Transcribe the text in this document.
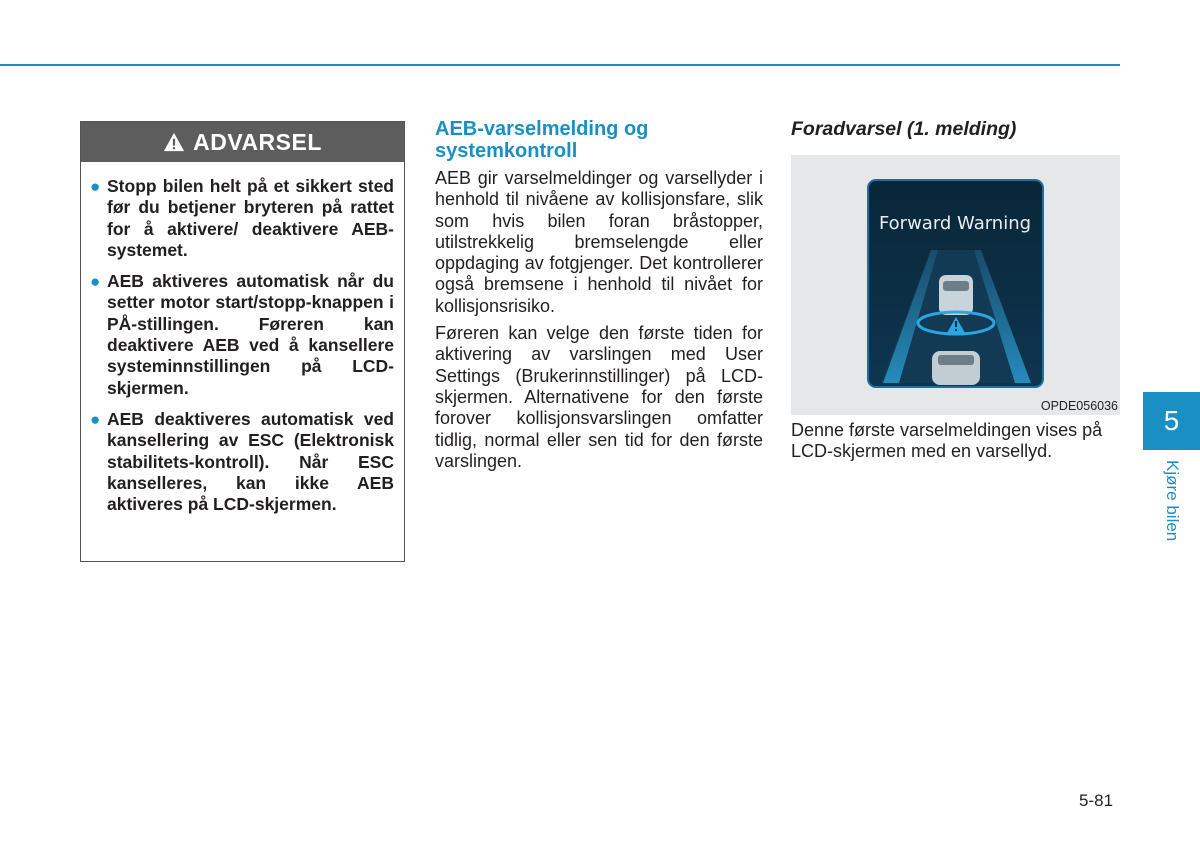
ADVARSEL
● Stopp bilen helt på et sikkert sted før du betjener bryteren på rattet for å aktivere/ deaktivere AEB-systemet.
● AEB aktiveres automatisk når du setter motor start/stopp-knappen i PÅ-stillingen. Føreren kan deaktivere AEB ved å kansellere systeminnstillingen på LCD-skjermen.
● AEB deaktiveres automatisk ved kansellering av ESC (Elektronisk stabilitets-kontroll). Når ESC kanselleres, kan ikke AEB aktiveres på LCD-skjermen.
AEB-varselmelding og systemkontroll

AEB gir varselmeldinger og varsellyder i henhold til nivåene av kollisjonsfare, slik som hvis bilen foran bråstopper, utilstrekkelig bremselengde eller oppdaging av fotgjenger. Det kontrollerer også bremsene i henhold til nivået for kollisjonsrisiko.

Føreren kan velge den første tiden for aktivering av varslingen med User Settings (Brukerinnstillinger) på LCD-skjermen. Alternativene for den første forover kollisjonsvarslingen omfatter tidlig, normal eller sen tid for den første varslingen.

Foradvarsel (1. melding)
Forward Warning
OPDE056036

Denne første varselmeldingen vises på LCD-skjermen med en varsellyd.

5
Kjøre bilen
5-81
